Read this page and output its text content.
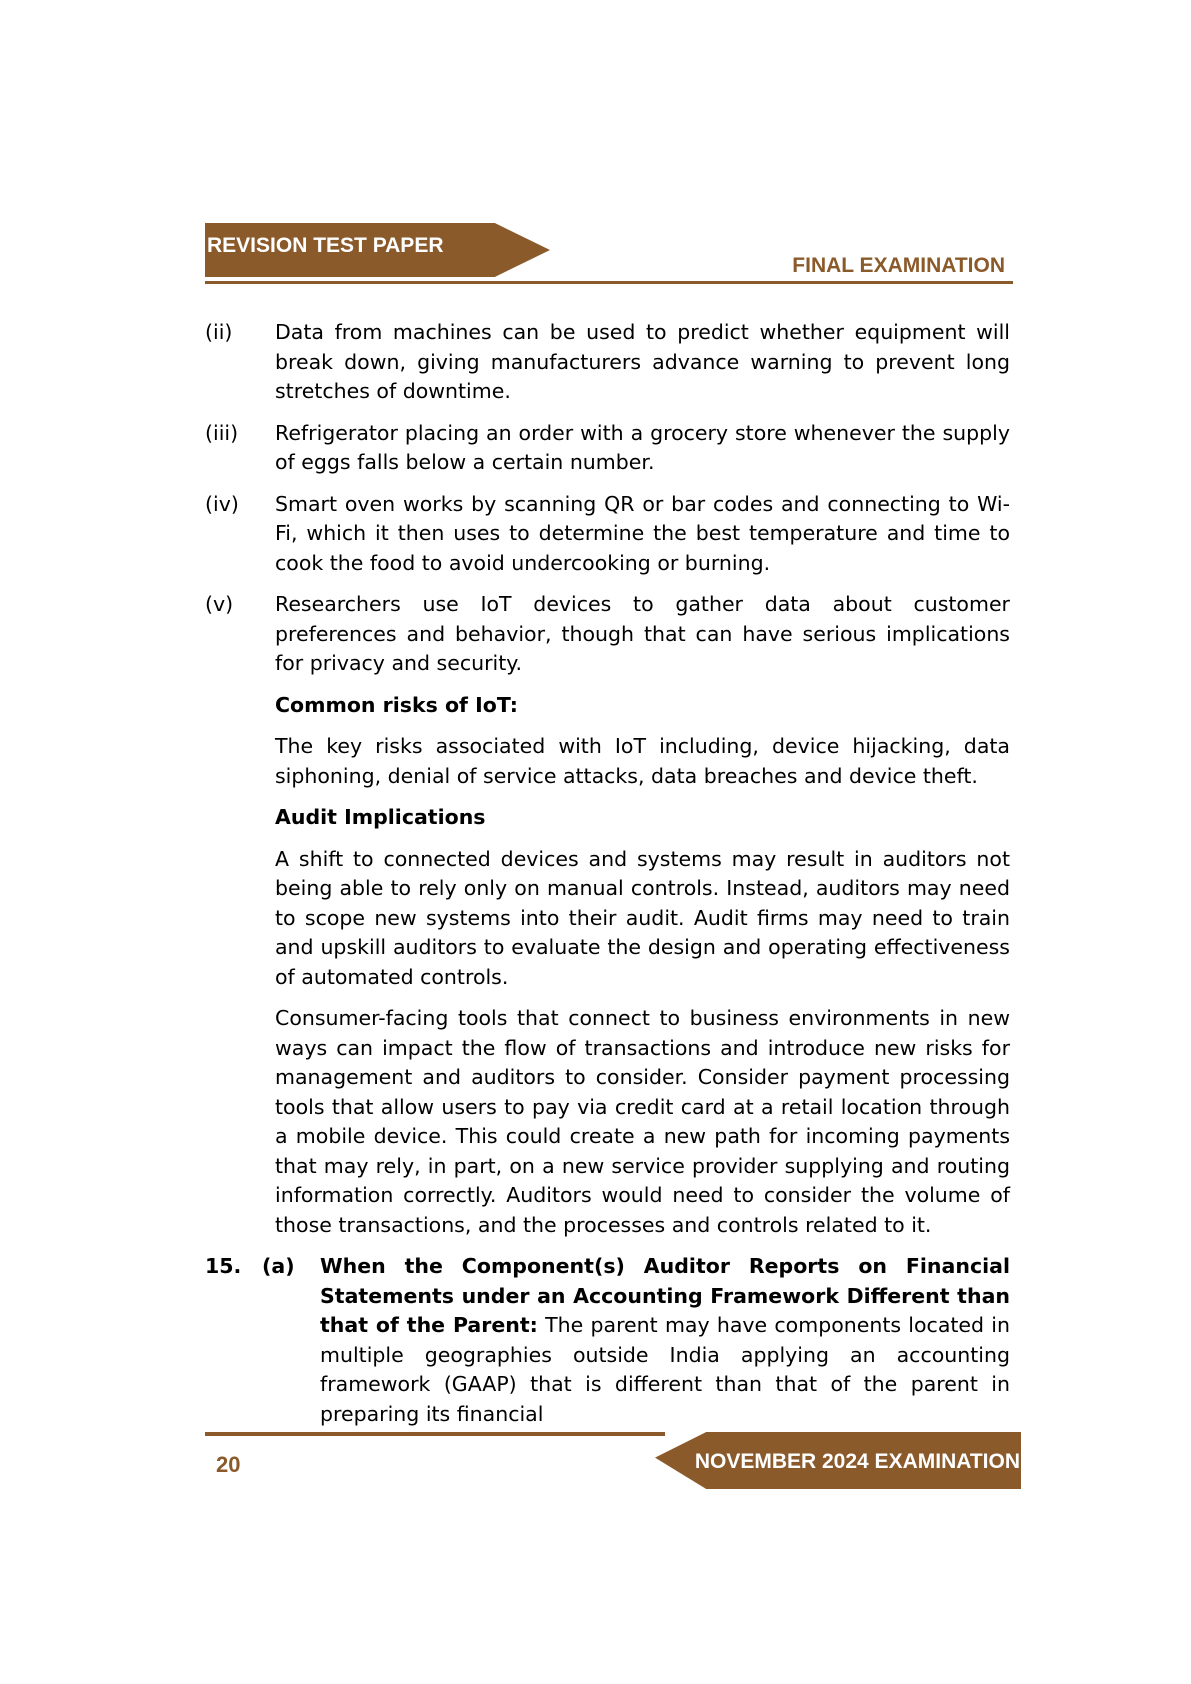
REVISION TEST PAPER
FINAL EXAMINATION
(ii)	Data from machines can be used to predict whether equipment will break down, giving manufacturers advance warning to prevent long stretches of downtime.
(iii)	Refrigerator placing an order with a grocery store whenever the supply of eggs falls below a certain number.
(iv)	Smart oven works by scanning QR or bar codes and connecting to Wi-Fi, which it then uses to determine the best temperature and time to cook the food to avoid undercooking or burning.
(v)	Researchers use IoT devices to gather data about customer preferences and behavior, though that can have serious implications for privacy and security.
Common risks of IoT:
The key risks associated with IoT including, device hijacking, data siphoning, denial of service attacks, data breaches and device theft.
Audit Implications
A shift to connected devices and systems may result in auditors not being able to rely only on manual controls. Instead, auditors may need to scope new systems into their audit. Audit firms may need to train and upskill auditors to evaluate the design and operating effectiveness of automated controls.
Consumer-facing tools that connect to business environments in new ways can impact the flow of transactions and introduce new risks for management and auditors to consider. Consider payment processing tools that allow users to pay via credit card at a retail location through a mobile device. This could create a new path for incoming payments that may rely, in part, on a new service provider supplying and routing information correctly. Auditors would need to consider the volume of those transactions, and the processes and controls related to it.
15.	(a)	When the Component(s) Auditor Reports on Financial Statements under an Accounting Framework Different than that of the Parent: The parent may have components located in multiple geographies outside India applying an accounting framework (GAAP) that is different than that of the parent in preparing its financial
20	NOVEMBER 2024 EXAMINATION
